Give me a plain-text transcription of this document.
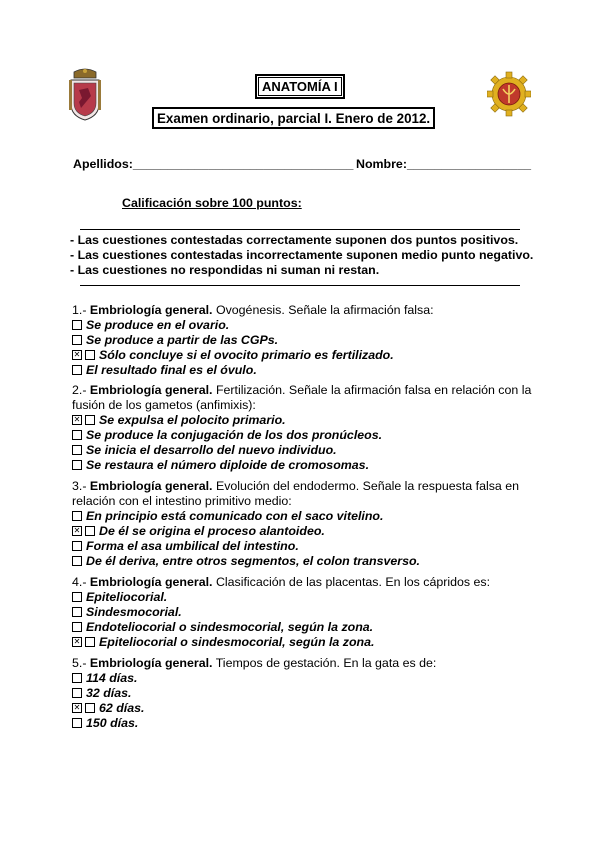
ANATOMÍA I
Examen ordinario, parcial I. Enero de 2012.
Apellidos:________________________________ Nombre:__________________
Calificación sobre 100 puntos:
- Las cuestiones contestadas correctamente suponen dos puntos positivos.
- Las cuestiones contestadas incorrectamente suponen medio punto negativo.
- Las cuestiones no respondidas ni suman ni restan.
1.- Embriología general. Ovogénesis. Señale la afirmación falsa:
Se produce en el ovario.
Se produce a partir de las CGPs.
✕Sólo concluye si el ovocito primario es fertilizado.
El resultado final es el óvulo.
2.- Embriología general. Fertilización. Señale la afirmación falsa en relación con la
fusión de los gametos (anfimixis):
✕Se expulsa el polocito primario.
Se produce la conjugación de los dos pronúcleos.
Se inicia el desarrollo del nuevo individuo.
Se restaura el número diploide de cromosomas.
3.- Embriología general. Evolución del endodermo. Señale la respuesta falsa en
relación con el intestino primitivo medio:
En principio está comunicado con el saco vitelino.
✕De él se origina el proceso alantoideo.
Forma el asa umbilical del intestino.
De él deriva, entre otros segmentos, el colon transverso.
4.- Embriología general. Clasificación de las placentas. En los cápridos es:
Epiteliocorial.
Sindesmocorial.
Endoteliocorial o sindesmocorial, según la zona.
✕Epiteliocorial o sindesmocorial, según la zona.
5.- Embriología general. Tiempos de gestación. En la gata es de:
114 días.
32 días.
✕62 días.
150 días.
